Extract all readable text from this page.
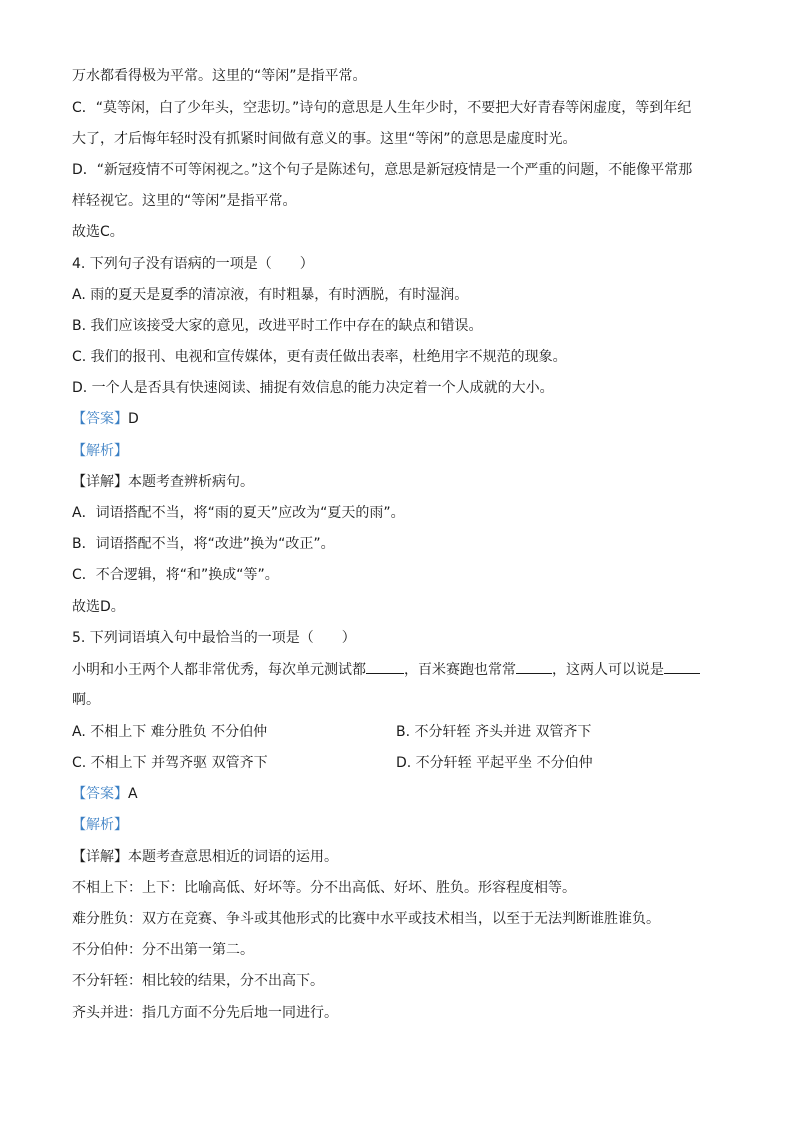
万水都看得极为平常。这里的“等闲”是指平常。
C．“莫等闲，白了少年头，空悲切。”诗句的意思是人生年少时，不要把大好青春等闲虚度，等到年纪
大了，才后悔年轻时没有抓紧时间做有意义的事。这里“等闲”的意思是虚度时光。
D．“新冠疫情不可等闲视之。”这个句子是陈述句，意思是新冠疫情是一个严重的问题，不能像平常那
样轻视它。这里的“等闲”是指平常。
故选C。
4. 下列句子没有语病的一项是（　　）
A. 雨的夏天是夏季的清凉液，有时粗暴，有时洒脱，有时湿润。
B. 我们应该接受大家的意见，改进平时工作中存在的缺点和错误。
C. 我们的报刊、电视和宣传媒体，更有责任做出表率，杜绝用字不规范的现象。
D. 一个人是否具有快速阅读、捕捉有效信息的能力决定着一个人成就的大小。
【答案】D
【解析】
【详解】本题考查辨析病句。
A．词语搭配不当，将“雨的夏天”应改为“夏天的雨”。
B．词语搭配不当，将“改进”换为“改正”。
C．不合逻辑，将“和”换成“等”。
故选D。
5. 下列词语填入句中最恰当的一项是（　　）
小明和小王两个人都非常优秀，每次单元测试都	，百米赛跑也常常	，这两人可以说是
啊。
A. 不相上下 难分胜负 不分伯仲	B. 不分轩轾 齐头并进 双管齐下
C. 不相上下 并驾齐驱 双管齐下	D. 不分轩轾 平起平坐 不分伯仲
【答案】A
【解析】
【详解】本题考查意思相近的词语的运用。
不相上下：上下：比喻高低、好坏等。分不出高低、好坏、胜负。形容程度相等。
难分胜负：双方在竞赛、争斗或其他形式的比赛中水平或技术相当，以至于无法判断谁胜谁负。
不分伯仲：分不出第一第二。
不分轩轾：相比较的结果，分不出高下。
齐头并进：指几方面不分先后地一同进行。
